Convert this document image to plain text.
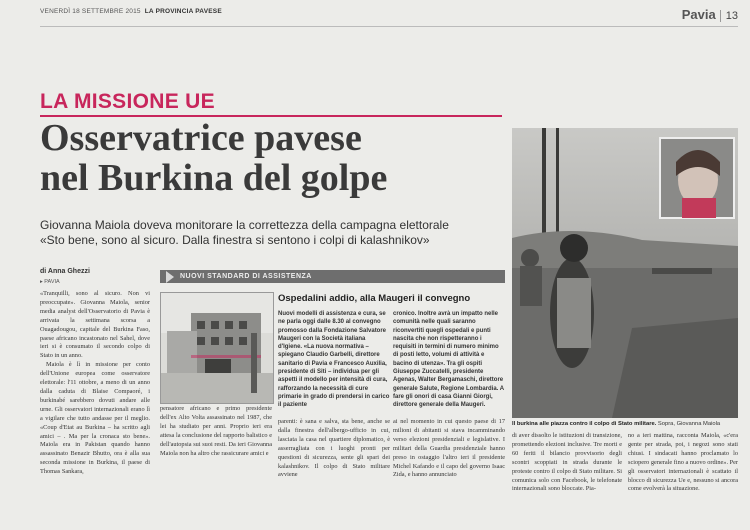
VENERDÌ 18 SETTEMBRE 2015 LA PROVINCIA PAVESE	Pavia 13
LA MISSIONE UE
Osservatrice pavese
nel Burkina del golpe
Giovanna Maiola doveva monitorare la correttezza della campagna elettorale
«Sto bene, sono al sicuro. Dalla finestra si sentono i colpi di kalashnikov»
di Anna Ghezzi
▸ PAVIA

«Tranquilli, sono al sicuro. Non vi preoccupate». Giovanna Maiola, senior media analyst dell'Osservatorio di Pavia è arrivata la settimana scorsa a Ouagadougou, capitale del Burkina Faso, paese africano incastonato nel Sahel, dove ieri si è consumato il secondo colpo di Stato in un anno.

Maiola è lì in missione per conto dell'Unione europea come osservatore elettorale: l'11 ottobre, a meno di un anno dalla caduta di Blaise Compaoré, i burkinabé sarebbero dovuti andare alle urne. Gli osservatori internazionali erano lì a vigilare che tutto andasse per il meglio. «Coup d'Etat au Burkina – ha scritto agli amici – . Ma per la cronaca sto bene». Maiola era in Pakistan quando hanno assassinato Benazir Bhutto, ora è alla sua seconda missione in Burkina, il paese di Thomas Sankara,

NUOVI STANDARD DI ASSISTENZA
Ospedalini addio, alla Maugeri il convegno

Nuovi modelli di assistenza e cura, se ne parla oggi dalle 8.30 al convegno promosso dalla Fondazione Salvatore Maugeri con la Società italiana d'Igiene. «La nuova normativa – spiegano Claudio Garbelli, direttore sanitario di Pavia e Francesco Auxilia, presidente di Siti – individua per gli aspetti il modello per intensità di cura, rafforzando la necessità di cure primarie in grado di prendersi in carico il paziente

cronico. Inoltre avrà un impatto nelle comunità nelle quali saranno riconvertiti quegli ospedali e punti nascita che non rispetteranno i requisiti in termini di numero minimo di posti letto, volumi di attività e bacino di utenza». Tra gli ospiti Giuseppe Zuccatelli, presidente Agenas, Walter Bergamaschi, direttore generale Salute, Regione Lombardia. A fare gli onori di casa Gianni Giorgi, direttore generale della Maugeri.

Il burkina alle piazza contro il colpo di Stato militare. Sopra, Giovanna Maiola

pensatore africano e primo presidente dell'ex Alto Volta assassinato nel 1987, che lei ha studiato per anni. Proprio ieri era attesa la conclusione del rapporto balistico e dell'autopsia sui suoi resti. Da ieri Giovanna Maiola non ha altro che rassicurare amici e

parenti: è sana e salva, sta bene, anche se dalla finestra dell'albergo-ufficio in cui, lasciata la casa nel quartiere diplomatico, è asserragliata con i luoghi pronti per questioni di sicurezza, sente gli spari dei kalashnikov. Il colpo di Stato militare avviene

ai nel momento in cui questo paese di 17 milioni di abitanti si stava incamminando verso elezioni presidenziali e legislative. I militari della Guardia presidenziale hanno preso in ostaggio l'altro ieri il presidente Michel Kafando e il capo del governo Isaac Zida, e hanno annunciato

di aver dissolto le istituzioni di transizione, promettendo elezioni inclusive. Tre morti e 60 feriti il bilancio provvisorio degli scontri scoppiati in strada durante le proteste contro il colpo di Stato militare. Si comunica solo con Facebook, le telefonate internazionali sono bloccate. Pia-

no a ieri mattina, racconta Maiola, «c'era gente per strada, poi, i negozi sono stati chiusi. I sindacati hanno proclamato lo sciopero generale fino a nuovo ordine». Per gli osservatori internazionali è scattato il blocco di sicurezza Ue e, nessuno si ancora come evolverà la situazione.
